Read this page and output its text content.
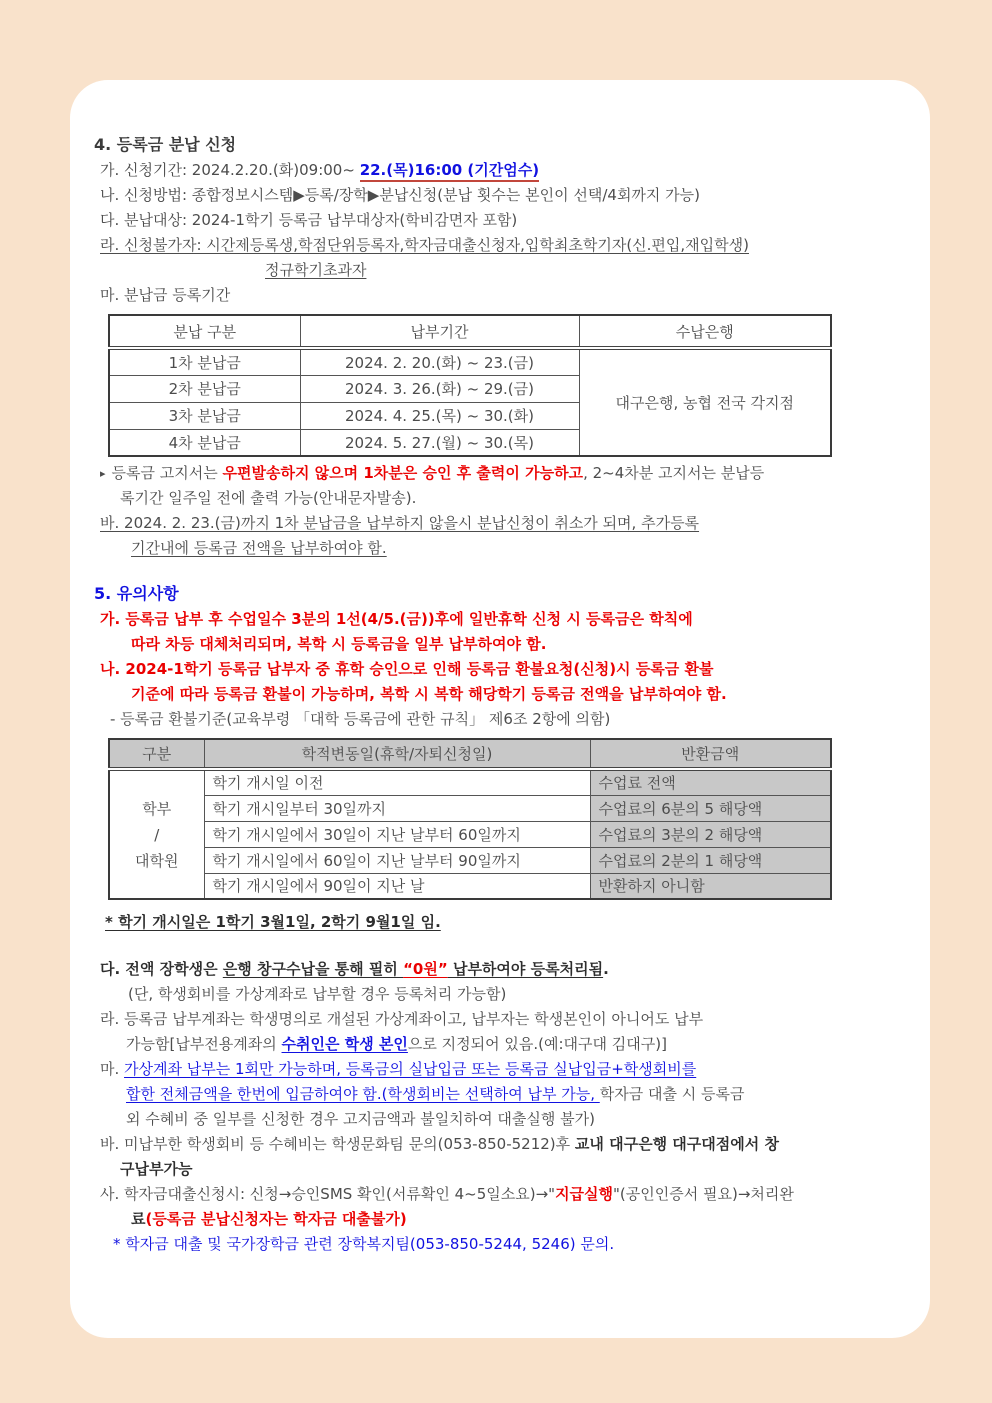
4. 등록금 분납 신청
가. 신청기간: 2024.2.20.(화)09:00~ 22.(목)16:00 (기간엄수)
나. 신청방법: 종합정보시스템▶등록/장학▶분납신청(분납 횟수는 본인이 선택/4회까지 가능)
다. 분납대상: 2024-1학기 등록금 납부대상자(학비감면자 포함)
라. 신청불가자: 시간제등록생,학점단위등록자,학자금대출신청자,입학최초학기자(신.편입,재입학생)
정규학기초과자
마. 분납금 등록기간
분납 구분	납부기간	수납은행
1차 분납금	2024. 2. 20.(화) ~ 23.(금)	대구은행, 농협 전국 각지점
2차 분납금	2024. 3. 26.(화) ~ 29.(금)	
3차 분납금	2024. 4. 25.(목) ~ 30.(화)	
4차 분납금	2024. 5. 27.(월) ~ 30.(목)	
▸ 등록금 고지서는 우편발송하지 않으며 1차분은 승인 후 출력이 가능하고, 2~4차분 고지서는 분납등
록기간 일주일 전에 출력 가능(안내문자발송).
바. 2024. 2. 23.(금)까지 1차 분납금을 납부하지 않을시 분납신청이 취소가 되며, 추가등록
기간내에 등록금 전액을 납부하여야 함.
5. 유의사항
가. 등록금 납부 후 수업일수 3분의 1선(4/5.(금))후에 일반휴학 신청 시 등록금은 학칙에
따라 차등 대체처리되며, 복학 시 등록금을 일부 납부하여야 함.
나. 2024-1학기 등록금 납부자 중 휴학 승인으로 인해 등록금 환불요청(신청)시 등록금 환불
기준에 따라 등록금 환불이 가능하며, 복학 시 복학 해당학기 등록금 전액을 납부하여야 함.
- 등록금 환불기준(교육부령 「대학 등록금에 관한 규칙」 제6조 2항에 의함)
구분	학적변동일(휴학/자퇴신청일)	반환금액

학부
/
대학원	학기 개시일 이전	수업료 전액
	학기 개시일부터 30일까지	수업료의 6분의 5 해당액
	학기 개시일에서 30일이 지난 날부터 60일까지	수업료의 3분의 2 해당액
	학기 개시일에서 60일이 지난 날부터 90일까지	수업료의 2분의 1 해당액
	학기 개시일에서 90일이 지난 날	반환하지 아니함
* 학기 개시일은 1학기 3월1일, 2학기 9월1일 임.
다. 전액 장학생은 은행 창구수납을 통해 필히 “0원” 납부하여야 등록처리됨.
(단, 학생회비를 가상계좌로 납부할 경우 등록처리 가능함)
라. 등록금 납부계좌는 학생명의로 개설된 가상계좌이고, 납부자는 학생본인이 아니어도 납부
가능함[납부전용계좌의 수취인은 학생 본인으로 지정되어 있음.(예:대구대 김대구)]
마. 가상계좌 납부는 1회만 가능하며, 등록금의 실납입금 또는 등록금 실납입금+학생회비를
합한 전체금액을 한번에 입금하여야 함.(학생회비는 선택하여 납부 가능, 학자금 대출 시 등록금
외 수혜비 중 일부를 신청한 경우 고지금액과 불일치하여 대출실행 불가)
바. 미납부한 학생회비 등 수혜비는 학생문화팀 문의(053-850-5212)후 교내 대구은행 대구대점에서 창
구납부가능
사. 학자금대출신청시: 신청→승인SMS 확인(서류확인 4~5일소요)→"지급실행"(공인인증서 필요)→처리완
료(등록금 분납신청자는 학자금 대출불가)
* 학자금 대출 및 국가장학금 관련 장학복지팀(053-850-5244, 5246) 문의.
